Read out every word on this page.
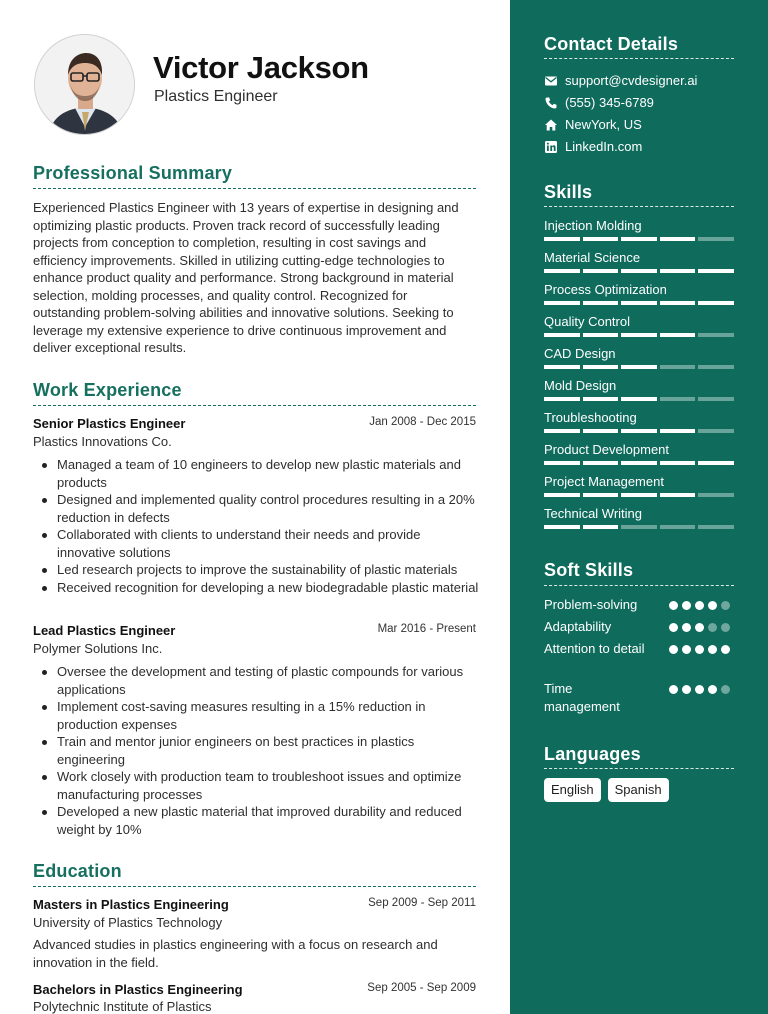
Victor Jackson
Plastics Engineer
Professional Summary
Experienced Plastics Engineer with 13 years of expertise in designing and optimizing plastic products. Proven track record of successfully leading projects from conception to completion, resulting in cost savings and efficiency improvements. Skilled in utilizing cutting-edge technologies to enhance product quality and performance. Strong background in material selection, molding processes, and quality control. Recognized for outstanding problem-solving abilities and innovative solutions. Seeking to leverage my extensive experience to drive continuous improvement and deliver exceptional results.
Work Experience
Senior Plastics Engineer	Jan 2008 - Dec 2015
Plastics Innovations Co.
Managed a team of 10 engineers to develop new plastic materials and products
Designed and implemented quality control procedures resulting in a 20% reduction in defects
Collaborated with clients to understand their needs and provide innovative solutions
Led research projects to improve the sustainability of plastic materials
Received recognition for developing a new biodegradable plastic material
Lead Plastics Engineer	Mar 2016 - Present
Polymer Solutions Inc.
Oversee the development and testing of plastic compounds for various applications
Implement cost-saving measures resulting in a 15% reduction in production expenses
Train and mentor junior engineers on best practices in plastics engineering
Work closely with production team to troubleshoot issues and optimize manufacturing processes
Developed a new plastic material that improved durability and reduced weight by 10%
Education
Masters in Plastics Engineering	Sep 2009 - Sep 2011
University of Plastics Technology
Advanced studies in plastics engineering with a focus on research and innovation in the field.
Bachelors in Plastics Engineering	Sep 2005 - Sep 2009
Polytechnic Institute of Plastics
Contact Details
support@cvdesigner.ai
(555) 345-6789
NewYork, US
LinkedIn.com
Skills
Injection Molding
Material Science
Process Optimization
Quality Control
CAD Design
Mold Design
Troubleshooting
Product Development
Project Management
Technical Writing
Soft Skills
Problem-solving
Adaptability
Attention to detail
Time management
Languages
English	Spanish
